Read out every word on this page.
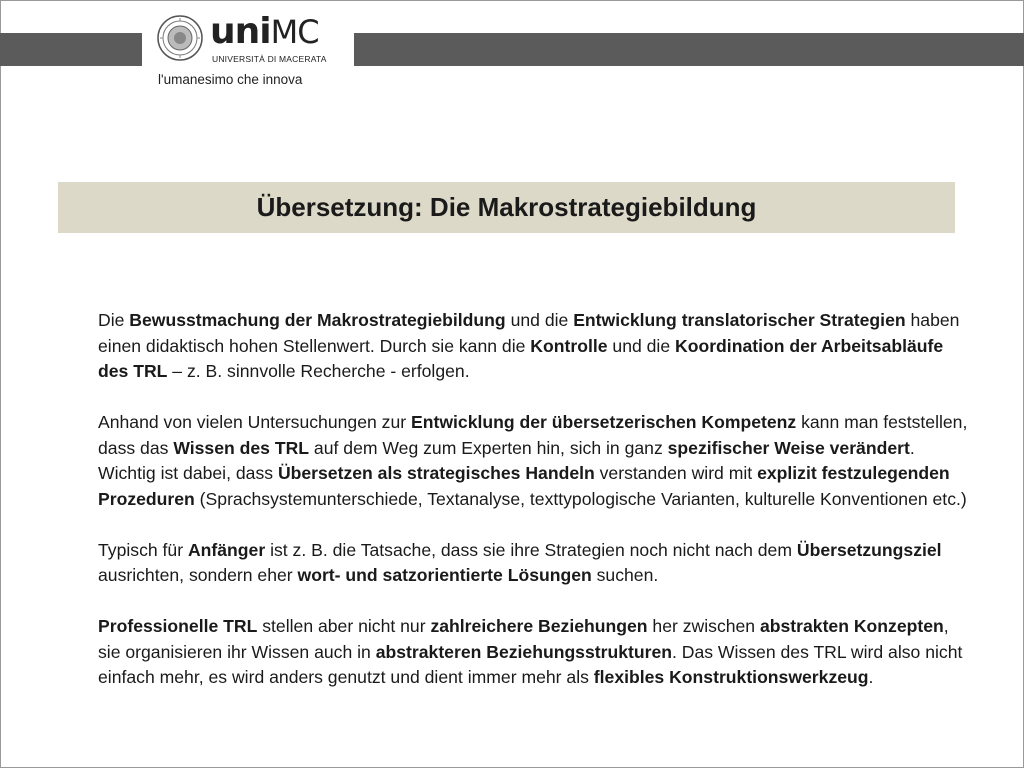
uniMC
UNIVERSITÀ DI MACERATA
l'umanesimo che innova
Übersetzung: Die Makrostrategiebildung

Die Bewusstmachung der Makrostrategiebildung und die Entwicklung translatorischer Strategien haben einen didaktisch hohen Stellenwert. Durch sie kann die Kontrolle und die Koordination der Arbeitsabläufe des TRL – z. B. sinnvolle Recherche - erfolgen.

Anhand von vielen Untersuchungen zur Entwicklung der übersetzerischen Kompetenz kann man feststellen, dass das Wissen des TRL auf dem Weg zum Experten hin, sich in ganz spezifischer Weise verändert. Wichtig ist dabei, dass Übersetzen als strategisches Handeln verstanden wird mit explizit festzulegenden Prozeduren (Sprachsystemunterschiede, Textanalyse, texttypologische Varianten, kulturelle Konventionen etc.)

Typisch für Anfänger ist z. B. die Tatsache, dass sie ihre Strategien noch nicht nach dem Übersetzungsziel ausrichten, sondern eher wort- und satzorientierte Lösungen suchen.

Professionelle TRL stellen aber nicht nur zahlreichere Beziehungen her zwischen abstrakten Konzepten, sie organisieren ihr Wissen auch in abstrakteren Beziehungsstrukturen. Das Wissen des TRL wird also nicht einfach mehr, es wird anders genutzt und dient immer mehr als flexibles Konstruktionswerkzeug.
